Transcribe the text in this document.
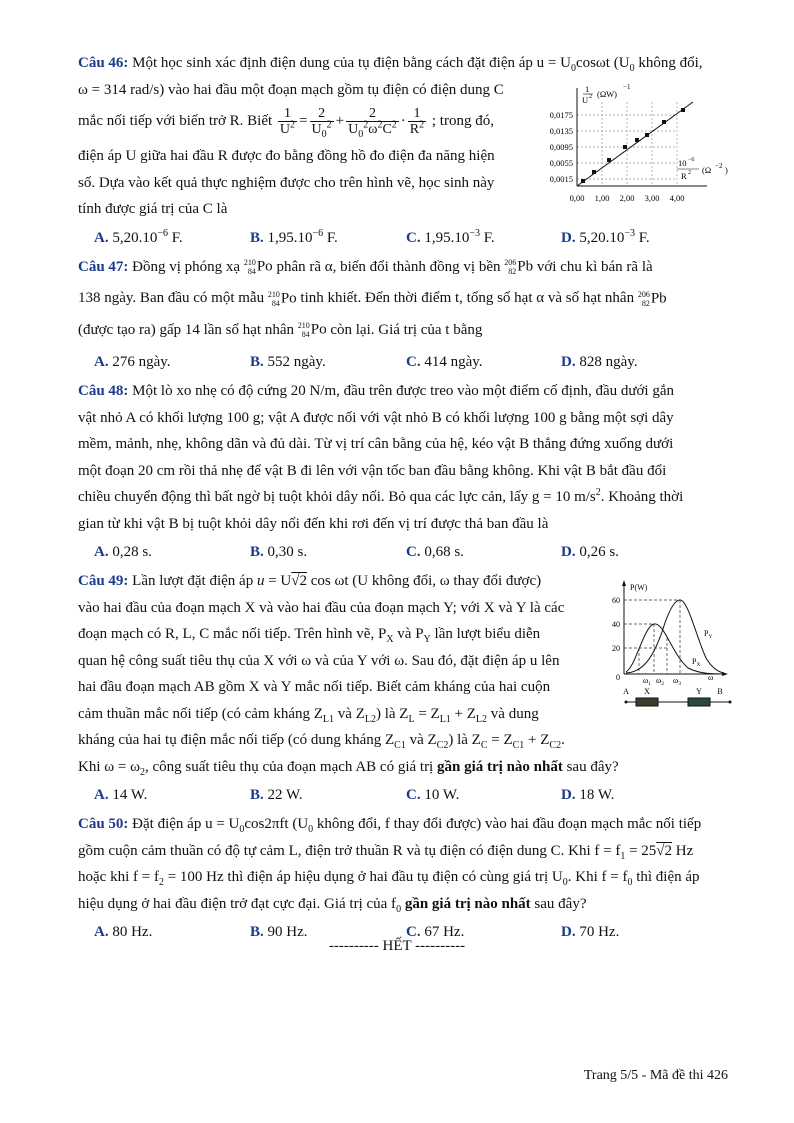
Câu 46: Một học sinh xác định điện dung của tụ điện bằng cách đặt điện áp $u = U_0\cos\omega t$ ($U_0$ không đổi,

ω = 314 rad/s) vào hai đầu một đoạn mạch gồm tụ điện có điện dung C

mắc nối tiếp với biến trở R. Biết $\frac{1}{U^2} = \frac{2}{U_0^2} + \frac{2}{U_0^2\omega^2C^2} \cdot \frac{1}{R^2}$ ; trong đó,

điện áp U giữa hai đầu R được đo bằng đồng hồ đo điện đa năng hiện

số. Dựa vào kết quả thực nghiệm được cho trên hình vẽ, học sinh này

tính được giá trị của C là

A. $5,20.10^{-6}$ F.	B. $1,95.10^{-6}$ F.	C. $1,95.10^{-3}$ F.	D. $5,20.10^{-3}$ F.

Câu 47: Đồng vị phóng xạ 210
84 Po phân rã α, biến đổi thành đồng vị bền 206
82 Pb với chu kì bán rã là

138 ngày. Ban đầu có một mẫu 210
84 Po tinh khiết. Đến thời điểm t, tổng số hạt α và số hạt nhân 206
82 Pb

(được tạo ra) gấp 14 lần số hạt nhân 210
84 Po còn lại. Giá trị của t bằng

A. 276 ngày.	B. 552 ngày.	C. 414 ngày.	D. 828 ngày.

Câu 48: Một lò xo nhẹ có độ cứng 20 N/m, đầu trên được treo vào một điểm cố định, đầu dưới gắn

vật nhỏ A có khối lượng 100 g; vật A được nối với vật nhỏ B có khối lượng 100 g bằng một sợi dây

mềm, mảnh, nhẹ, không dãn và đủ dài. Từ vị trí cân bằng của hệ, kéo vật B thẳng đứng xuống dưới

một đoạn 20 cm rồi thả nhẹ để vật B đi lên với vận tốc ban đầu bằng không. Khi vật B bắt đầu đổi

chiều chuyển động thì bất ngờ bị tuột khỏi dây nối. Bỏ qua các lực cản, lấy g = 10 $m/s^2$. Khoảng thời

gian từ khi vật B bị tuột khỏi dây nối đến khi rơi đến vị trí được thả ban đầu là

A. 0,28 s.	B. 0,30 s.	C. 0,68 s.	D. 0,26 s.

Câu 49: Lần lượt đặt điện áp u = U√2 cos ωt (U không đổi, ω thay đổi được)

vào hai đầu của đoạn mạch X và vào hai đầu của đoạn mạch Y; với X và Y là các

đoạn mạch có R, L, C mắc nối tiếp. Trên hình vẽ, $P_X$ và $P_Y$ lần lượt biểu diễn

quan hệ công suất tiêu thụ của X với ω và của Y với ω. Sau đó, đặt điện áp u lên

hai đầu đoạn mạch AB gồm X và Y mắc nối tiếp. Biết cảm kháng của hai cuộn

cảm thuần mắc nối tiếp (có cảm kháng $Z_{L1}$ và $Z_{L2}$) là $Z_L = Z_{L1} + Z_{L2}$ và dung

kháng của hai tụ điện mắc nối tiếp (có dung kháng $Z_{C1}$ và $Z_{C2}$) là $Z_C = Z_{C1} + Z_{C2}$.

Khi $\omega = \omega_2$, công suất tiêu thụ của đoạn mạch AB có giá trị gần giá trị nào nhất sau đây?

A. 14 W.	B. 22 W.	C. 10 W.	D. 18 W.

Câu 50: Đặt điện áp $u = U_0\cos 2\pi ft$ ($U_0$ không đổi, f thay đổi được) vào hai đầu đoạn mạch mắc nối tiếp

gồm cuộn cảm thuần có độ tự cảm L, điện trở thuần R và tụ điện có điện dung C. Khi $f = f_1 = 25√2$ Hz

hoặc khi $f = f_2 = 100$ Hz thì điện áp hiệu dụng ở hai đầu tụ điện có cùng giá trị $U_0$. Khi $f = f_0$ thì điện áp

hiệu dụng ở hai đầu điện trở đạt cực đại. Giá trị của $f_0$ gần giá trị nào nhất sau đây?

A. 80 Hz.	B. 90 Hz.	C. 67 Hz.	D. 70 Hz.
0,0175
0,0135
0,0095
0,0055
0,0015
0,00 1,00 2,00 3,00 4,00
1
U 2 (ΩW)
−1
10 −6
R 2 (Ω −2 )
P(W)
60
40
20
0	ω
$\omega_1$ $\omega_2$ $\omega_3$
$P_Y$
$P_X$
A X	Y B
---------- HẾT ----------
Trang 5/5 - Mã đề thi 426
